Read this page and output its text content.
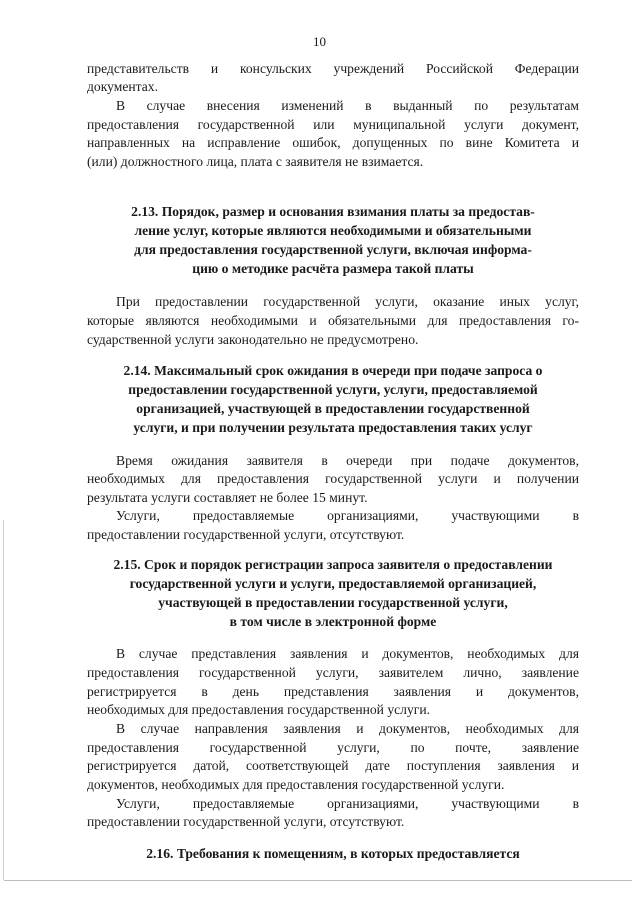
10
представительств и консульских учреждений Российской Федерации
документах.
В случае внесения изменений в выданный по результатам
предоставления государственной или муниципальной услуги документ,
направленных на исправление ошибок, допущенных по вине Комитета и
(или) должностного лица, плата с заявителя не взимается.
2.13. Порядок, размер и основания взимания платы за предостав-
ление услуг, которые являются необходимыми и обязательными
для предоставления государственной услуги, включая информа-
цию о методике расчёта размера такой платы
При предоставлении государственной услуги, оказание иных услуг,
которые являются необходимыми и обязательными для предоставления го-
сударственной услуги законодательно не предусмотрено.
2.14. Максимальный срок ожидания в очереди при подаче запроса о
предоставлении государственной услуги, услуги, предоставляемой
организацией, участвующей в предоставлении государственной
услуги, и при получении результата предоставления таких услуг
Время ожидания заявителя в очереди при подаче документов,
необходимых для предоставления государственной услуги и получении
результата услуги составляет не более 15 минут.
Услуги, предоставляемые организациями, участвующими в
предоставлении государственной услуги, отсутствуют.
2.15. Срок и порядок регистрации запроса заявителя о предоставлении
государственной услуги и услуги, предоставляемой организацией,
участвующей в предоставлении государственной услуги,
в том числе в электронной форме
В случае представления заявления и документов, необходимых для
предоставления государственной услуги, заявителем лично, заявление
регистрируется в день представления заявления и документов,
необходимых для предоставления государственной услуги.
В случае направления заявления и документов, необходимых для
предоставления государственной услуги, по почте, заявление
регистрируется датой, соответствующей дате поступления заявления и
документов, необходимых для предоставления государственной услуги.
Услуги, предоставляемые организациями, участвующими в
предоставлении государственной услуги, отсутствуют.
2.16. Требования к помещениям, в которых предоставляется
